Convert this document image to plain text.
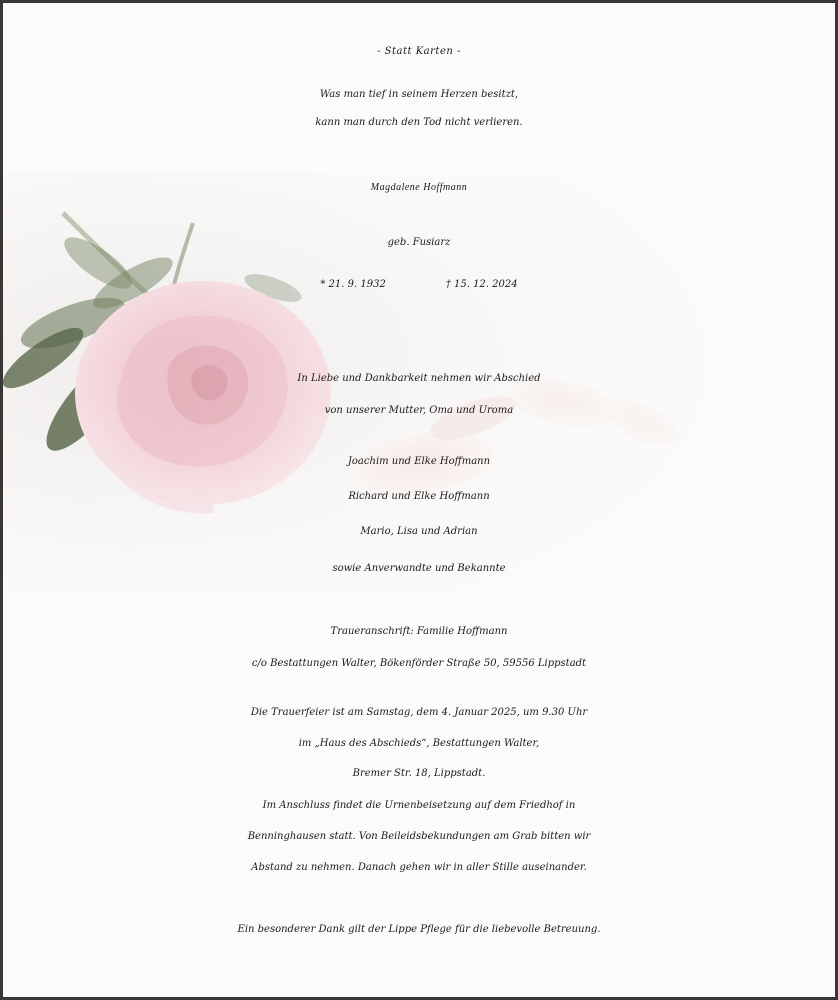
- Statt Karten -
Was man tief in seinem Herzen besitzt,
kann man durch den Tod nicht verlieren.
Magdalene Hoffmann
geb. Fusiarz
* 21. 9. 1932	† 15. 12. 2024
In Liebe und Dankbarkeit nehmen wir Abschied
von unserer Mutter, Oma und Uroma
Joachim und Elke Hoffmann
Richard und Elke Hoffmann
Mario, Lisa und Adrian
sowie Anverwandte und Bekannte
Traueranschrift: Familie Hoffmann
c/o Bestattungen Walter, Bökenförder Straße 50, 59556 Lippstadt
Die Trauerfeier ist am Samstag, dem 4. Januar 2025, um 9.30 Uhr
im „Haus des Abschieds“, Bestattungen Walter,
Bremer Str. 18, Lippstadt.
Im Anschluss findet die Urnenbeisetzung auf dem Friedhof in
Benninghausen statt. Von Beileidsbekundungen am Grab bitten wir
Abstand zu nehmen. Danach gehen wir in aller Stille auseinander.
Ein besonderer Dank gilt der Lippe Pflege für die liebevolle Betreuung.
